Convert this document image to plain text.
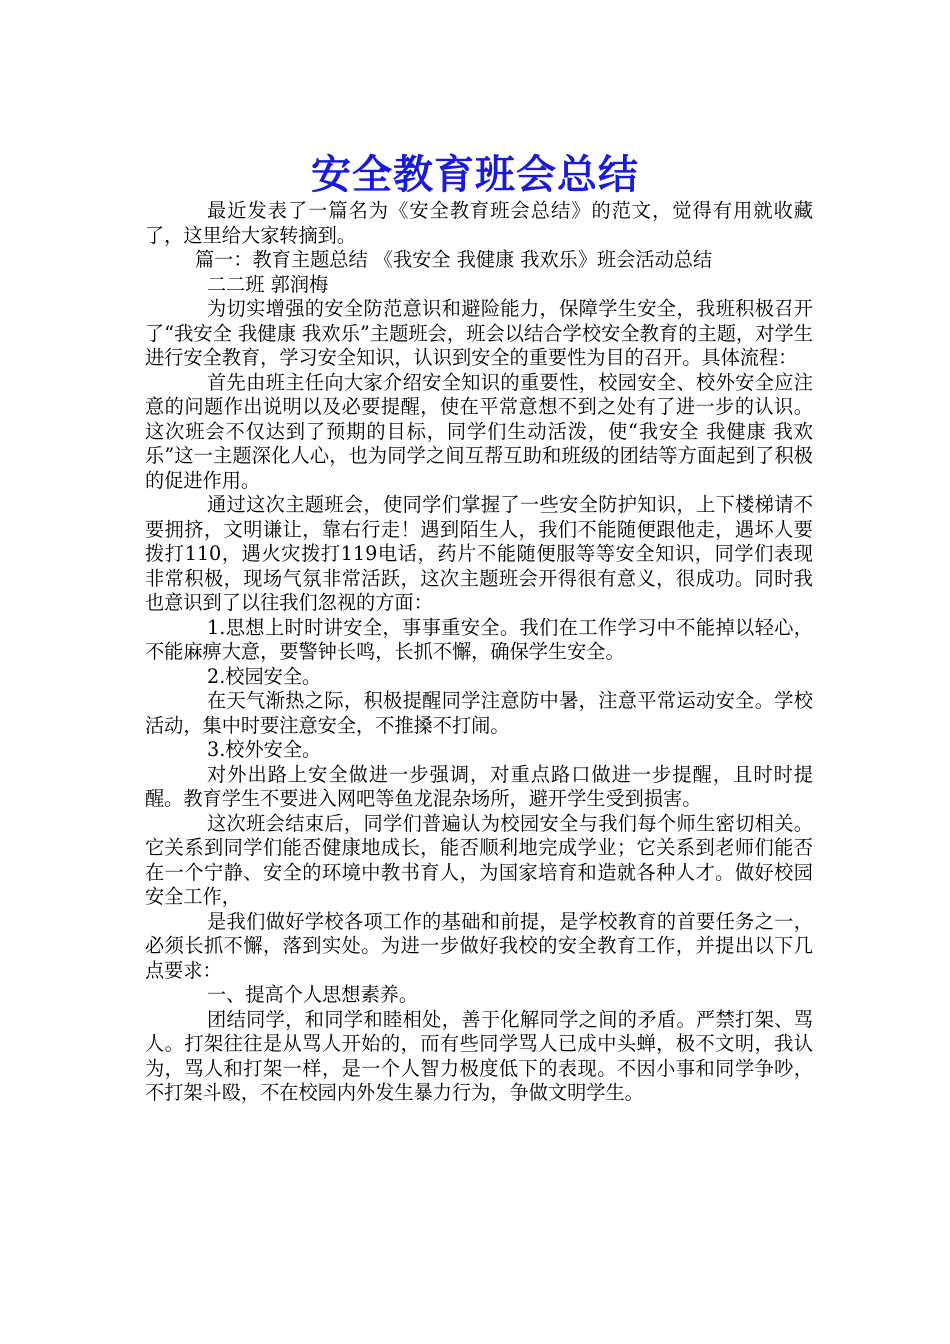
安全教育班会总结

最近发表了一篇名为《安全教育班会总结》的范文，觉得有用就收藏了，这里给大家转摘到。

篇一：教育主题总结 《我安全 我健康 我欢乐》班会活动总结

二二班 郭润梅

为切实增强的安全防范意识和避险能力，保障学生安全，我班积极召开了“我安全 我健康 我欢乐”主题班会，班会以结合学校安全教育的主题，对学生进行安全教育，学习安全知识，认识到安全的重要性为目的召开。具体流程：

首先由班主任向大家介绍安全知识的重要性，校园安全、校外安全应注意的问题作出说明以及必要提醒，使在平常意想不到之处有了进一步的认识。这次班会不仅达到了预期的目标，同学们生动活泼，使“我安全 我健康 我欢乐”这一主题深化人心，也为同学之间互帮互助和班级的团结等方面起到了积极的促进作用。

通过这次主题班会，使同学们掌握了一些安全防护知识，上下楼梯请不要拥挤，文明谦让，靠右行走！遇到陌生人，我们不能随便跟他走，遇坏人要拨打110，遇火灾拨打119电话，药片不能随便服等等安全知识，同学们表现非常积极，现场气氛非常活跃，这次主题班会开得很有意义，很成功。同时我也意识到了以往我们忽视的方面：

1.思想上时时讲安全，事事重安全。我们在工作学习中不能掉以轻心，不能麻痹大意，要警钟长鸣，长抓不懈，确保学生安全。

2.校园安全。

在天气渐热之际，积极提醒同学注意防中暑，注意平常运动安全。学校活动，集中时要注意安全，不推搡不打闹。

3.校外安全。

对外出路上安全做进一步强调，对重点路口做进一步提醒，且时时提醒。教育学生不要进入网吧等鱼龙混杂场所，避开学生受到损害。

这次班会结束后，同学们普遍认为校园安全与我们每个师生密切相关。它关系到同学们能否健康地成长，能否顺利地完成学业；它关系到老师们能否在一个宁静、安全的环境中教书育人，为国家培育和造就各种人才。做好校园安全工作，

是我们做好学校各项工作的基础和前提，是学校教育的首要任务之一，必须长抓不懈，落到实处。为进一步做好我校的安全教育工作，并提出以下几点要求：

一、提高个人思想素养。

团结同学，和同学和睦相处，善于化解同学之间的矛盾。严禁打架、骂人。打架往往是从骂人开始的，而有些同学骂人已成中头蝉，极不文明，我认为，骂人和打架一样，是一个人智力极度低下的表现。不因小事和同学争吵，不打架斗殴，不在校园内外发生暴力行为，争做文明学生。
